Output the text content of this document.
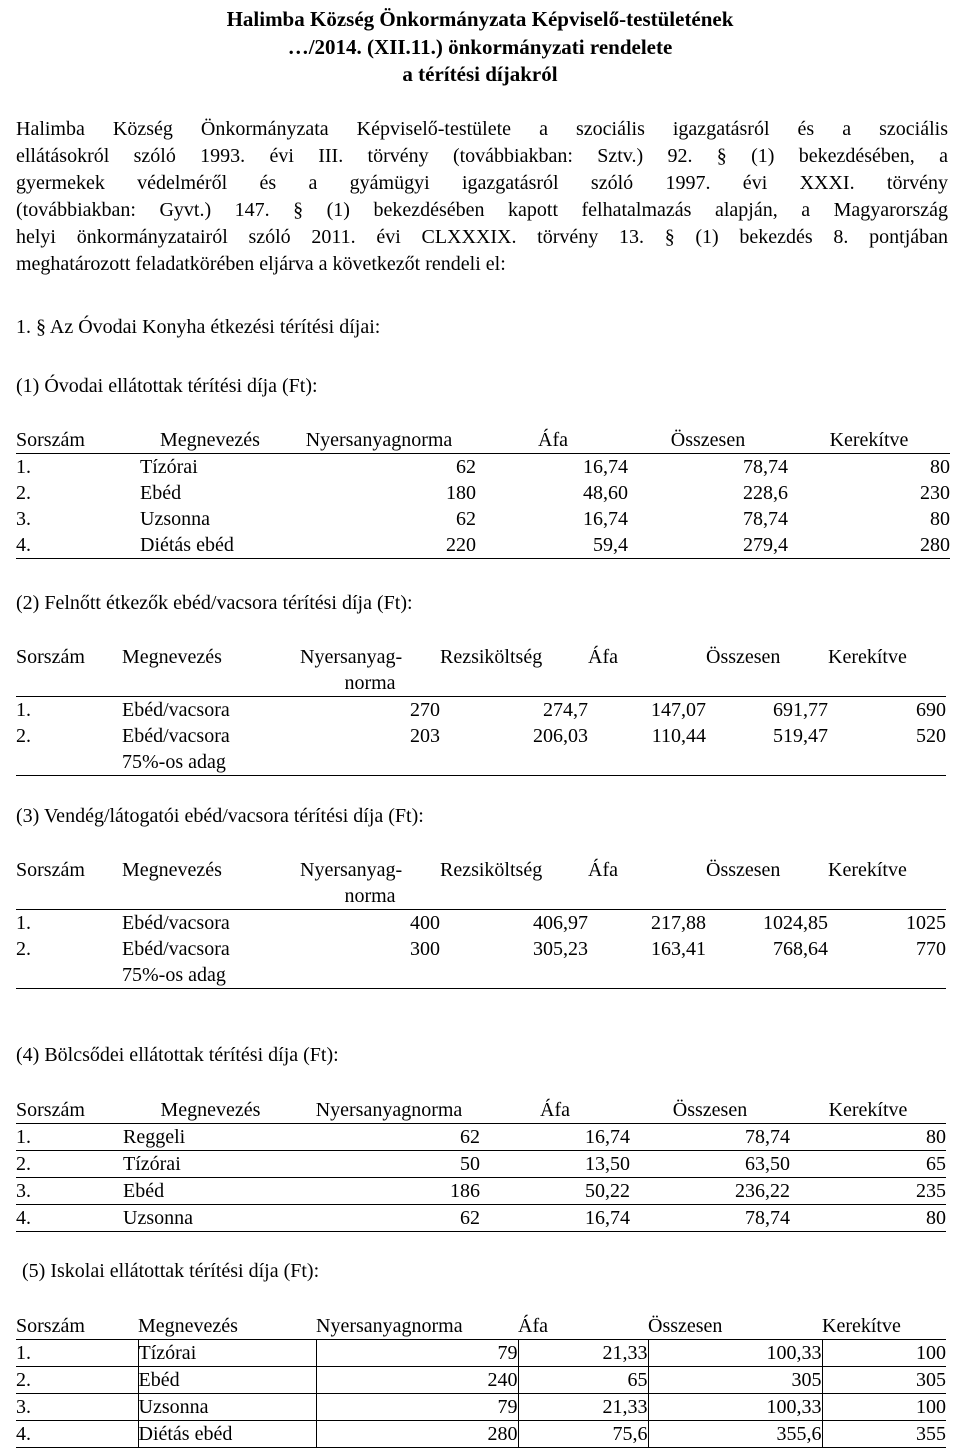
Halimba Község Önkormányzata Képviselő-testületének
…/2014. (XII.11.) önkormányzati rendelete
a térítési díjakról
Halimba Község Önkormányzata Képviselő-testülete a szociális igazgatásról és a szociális
ellátásokról szóló 1993. évi III. törvény (továbbiakban: Sztv.) 92. § (1) bekezdésében, a
gyermekek védelméről és a gyámügyi igazgatásról szóló 1997. évi XXXI. törvény
(továbbiakban: Gyvt.) 147. § (1) bekezdésében kapott felhatalmazás alapján, a Magyarország
helyi önkormányzatairól szóló 2011. évi CLXXXIX. törvény 13. § (1) bekezdés 8. pontjában
meghatározott feladatkörében eljárva a következőt rendeli el:
1. § Az Óvodai Konyha étkezési térítési díjai:
(1) Óvodai ellátottak térítési díja (Ft):
Sorszám	Megnevezés	Nyersanyagnorma	Áfa	Összesen	Kerekítve
1.	Tízórai	62	16,74	78,74	80
2.	Ebéd	180	48,60	228,6	230
3.	Uzsonna	62	16,74	78,74	80
4.	Diétás ebéd	220	59,4	279,4	280
(2) Felnőtt étkezők ebéd/vacsora térítési díja (Ft):
Sorszám	Megnevezés	Nyersanyag-	Rezsiköltség	Áfa	Összesen	Kerekítve
		norma				
1.	Ebéd/vacsora	270	274,7	147,07	691,77	690
2.	Ebéd/vacsora	203	206,03	110,44	519,47	520
	75%-os adag					
(3) Vendég/látogatói ebéd/vacsora térítési díja (Ft):
Sorszám	Megnevezés	Nyersanyag-	Rezsiköltség	Áfa	Összesen	Kerekítve
		norma				
1.	Ebéd/vacsora	400	406,97	217,88	1024,85	1025
2.	Ebéd/vacsora	300	305,23	163,41	768,64	770
	75%-os adag					
(4) Bölcsődei ellátottak térítési díja (Ft):
Sorszám	Megnevezés	Nyersanyagnorma	Áfa	Összesen	Kerekítve
1.	Reggeli	62	16,74	78,74	80
2.	Tízórai	50	13,50	63,50	65
3.	Ebéd	186	50,22	236,22	235
4.	Uzsonna	62	16,74	78,74	80
(5) Iskolai ellátottak térítési díja (Ft):
Sorszám	Megnevezés	Nyersanyagnorma	Áfa	Összesen	Kerekítve
1.	Tízórai	79	21,33	100,33	100
2.	Ebéd	240	65	305	305
3.	Uzsonna	79	21,33	100,33	100
4.	Diétás ebéd	280	75,6	355,6	355
